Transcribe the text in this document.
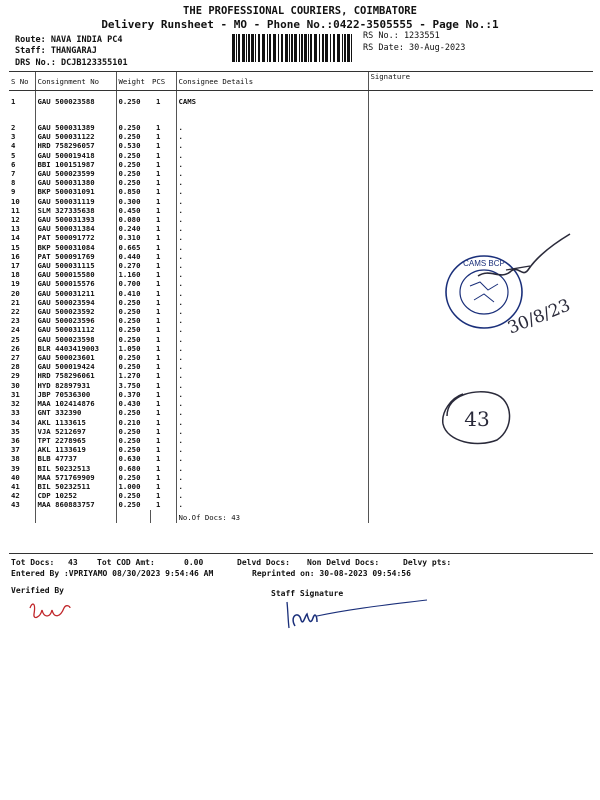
THE PROFESSIONAL COURIERS, COIMBATORE
Delivery Runsheet - MO - Phone No.:0422-3505555 - Page No.:1
Route: NAVA INDIA PC4
Staff: THANGARAJ
DRS No.: DCJB123355101
RS No.: 1233551
RS Date: 30-Aug-2023
S No	Consignment No	Weight	PCS	Consignee Details	Signature
1	GAU 500023588	0.250	1	CAMS	
2	GAU 500031389	0.250	1	.	
3	GAU 500031122	0.250	1	.	
4	HRD 758296057	0.530	1	.	
5	GAU 500019418	0.250	1	.	
6	BBI 100151987	0.250	1	.	
7	GAU 500023599	0.250	1	.	
8	GAU 500031380	0.250	1	.	
9	BKP 500031091	0.850	1	.	
10	GAU 500031119	0.300	1	.	
11	SLM 327335638	0.450	1	.	
12	GAU 500031393	0.080	1	.	
13	GAU 500031384	0.240	1	.	
14	PAT 500091772	0.310	1	.	
15	BKP 500031084	0.665	1	.	
16	PAT 500091769	0.440	1	.	
17	GAU 500031115	0.270	1	.	
18	GAU 500015580	1.160	1	.	
19	GAU 500015576	0.700	1	.	
20	GAU 500031211	0.410	1	.	
21	GAU 500023594	0.250	1	.	
22	GAU 500023592	0.250	1	.	
23	GAU 500023596	0.250	1	.	
24	GAU 500031112	0.250	1	.	
25	GAU 500023598	0.250	1	.	
26	BLR 4403419003	1.050	1	.	
27	GAU 500023601	0.250	1	.	
28	GAU 500019424	0.250	1	.	
29	HRD 758296061	1.270	1	.	
30	HYD 82897931	3.750	1	.	
31	JBP 70536300	0.370	1	.	
32	MAA 102414876	0.430	1	.	
33	GNT 332390	0.250	1	.	
34	AKL 1133615	0.210	1	.	
35	VJA 5212697	0.250	1	.	
36	TPT 2278965	0.250	1	.	
37	AKL 1133619	0.250	1	.	
38	BLB 47737	0.630	1	.	
39	BIL 50232513	0.680	1	.	
40	MAA 571769909	0.250	1	.	
41	BIL 50232511	1.000	1	.	
42	CDP 10252	0.250	1	.	
43	MAA 860883757	0.250	1	.	
				No.Of Docs: 43	
Tot Docs: 43 Tot COD Amt:	0.00	Delvd Docs: Non Delvd Docs:	Delvy pts:
Entered By :VPRIYAMO 08/30/2023 9:54:46 AM	Reprinted on: 30-08-2023 09:54:56
Verified By	Staff Signature
CAMS BCP
30/8/23
43
